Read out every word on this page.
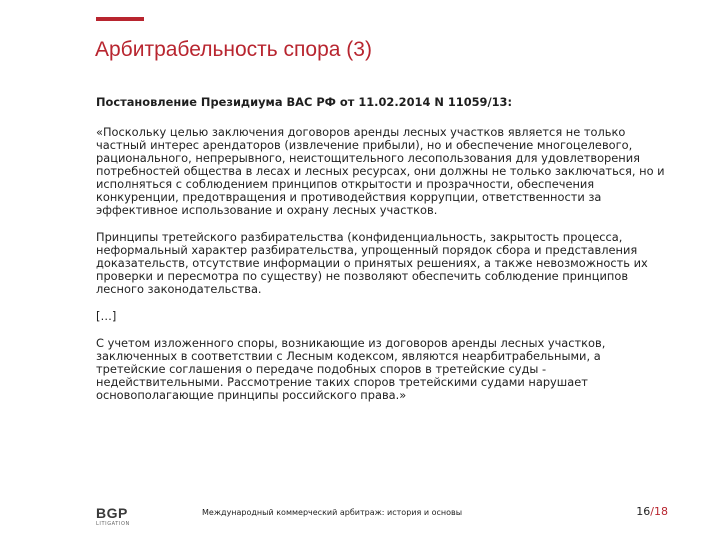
Арбитрабельность спора (3)

Постановление Президиума ВАС РФ от 11.02.2014 N 11059/13:

«Поскольку целью заключения договоров аренды лесных участков является не только частный интерес арендаторов (извлечение прибыли), но и обеспечение многоцелевого, рационального, непрерывного, неистощительного лесопользования для удовлетворения потребностей общества в лесах и лесных ресурсах, они должны не только заключаться, но и исполняться с соблюдением принципов открытости и прозрачности, обеспечения конкуренции, предотвращения и противодействия коррупции, ответственности за эффективное использование и охрану лесных участков.

Принципы третейского разбирательства (конфиденциальность, закрытость процесса, неформальный характер разбирательства, упрощенный порядок сбора и представления доказательств, отсутствие информации о принятых решениях, а также невозможность их проверки и пересмотра по существу) не позволяют обеспечить соблюдение принципов лесного законодательства.

[…]

С учетом изложенного споры, возникающие из договоров аренды лесных участков, заключенных в соответствии с Лесным кодексом, являются неарбитрабельными, а третейские соглашения о передаче подобных споров в третейские суды - недействительными. Рассмотрение таких споров третейскими судами нарушает основополагающие принципы российского права.»

BGP
LITIGATION
Международный коммерческий арбитраж: история и основы	16/18
